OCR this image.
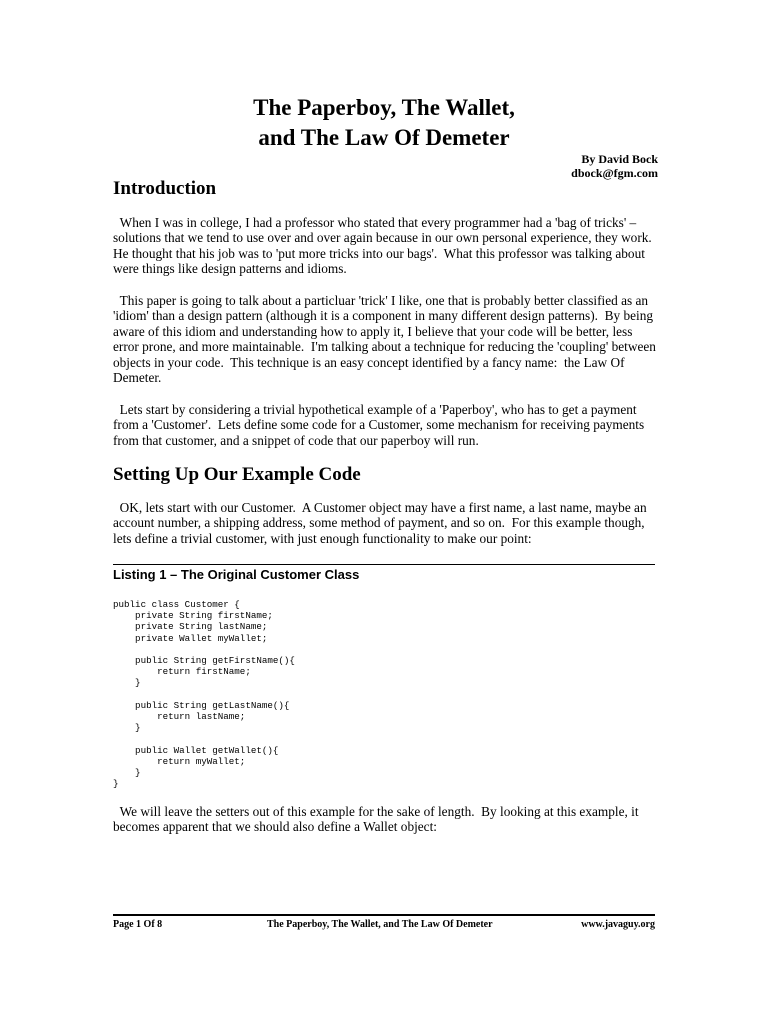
The Paperboy, The Wallet,
and The Law Of Demeter
By David Bock
dbock@fgm.com
Introduction

When I was in college, I had a professor who stated that every programmer had a 'bag of tricks' – solutions that we tend to use over and over again because in our own personal experience, they work.  He thought that his job was to 'put more tricks into our bags'.  What this professor was talking about were things like design patterns and idioms.

This paper is going to talk about a particluar 'trick' I like, one that is probably better classified as an 'idiom' than a design pattern (although it is a component in many different design patterns).  By being aware of this idiom and understanding how to apply it, I believe that your code will be better, less error prone, and more maintainable.  I'm talking about a technique for reducing the 'coupling' between objects in your code.  This technique is an easy concept identified by a fancy name:  the Law Of Demeter.

Lets start by considering a trivial hypothetical example of a 'Paperboy', who has to get a payment from a 'Customer'.  Lets define some code for a Customer, some mechanism for receiving payments from that customer, and a snippet of code that our paperboy will run.

Setting Up Our Example Code

OK, lets start with our Customer.  A Customer object may have a first name, a last name, maybe an account number, a shipping address, some method of payment, and so on.  For this example though, lets define a trivial customer, with just enough functionality to make our point:

Listing 1 – The Original Customer Class
public class Customer {
private String firstName;
private String lastName;
private Wallet myWallet;

public String getFirstName(){
return firstName;
}

public String getLastName(){
return lastName;
}

public Wallet getWallet(){
return myWallet;
}
}

We will leave the setters out of this example for the sake of length.  By looking at this example, it becomes apparent that we should also define a Wallet object:

Page 1 Of 8	The Paperboy, The Wallet, and The Law Of Demeter	www.javaguy.org
